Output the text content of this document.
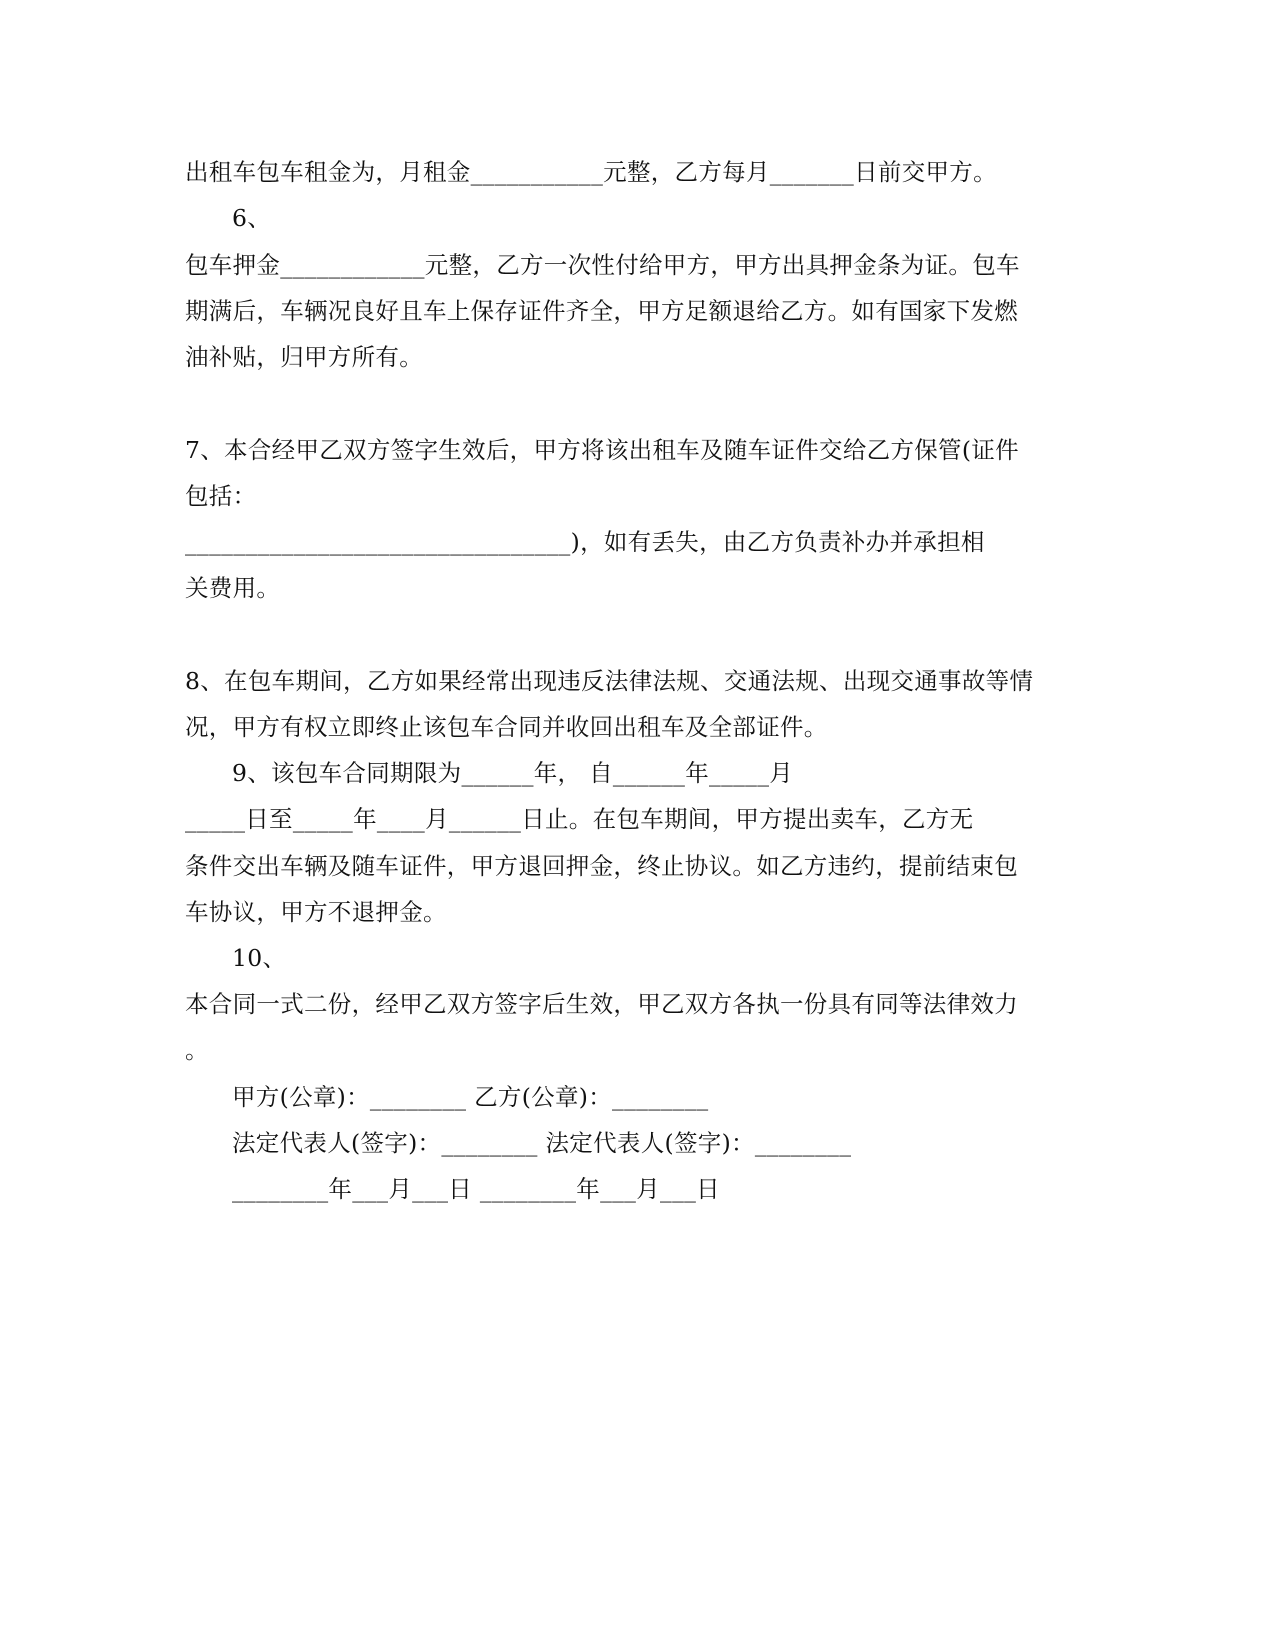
出租车包车租金为，月租金___________元整，乙方每月_______日前交甲方。
6、
包车押金____________元整，乙方一次性付给甲方，甲方出具押金条为证。包车
期满后，车辆况良好且车上保存证件齐全，甲方足额退给乙方。如有国家下发燃
油补贴，归甲方所有。
7、本合经甲乙双方签字生效后，甲方将该出租车及随车证件交给乙方保管(证件
包括：
________________________________)，如有丢失，由乙方负责补办并承担相
关费用。
8、在包车期间，乙方如果经常出现违反法律法规、交通法规、出现交通事故等情
况，甲方有权立即终止该包车合同并收回出租车及全部证件。
9、该包车合同期限为______年， 自______年_____月
_____日至_____年____月______日止。在包车期间，甲方提出卖车，乙方无
条件交出车辆及随车证件，甲方退回押金，终止协议。如乙方违约，提前结束包
车协议，甲方不退押金。
10、
本合同一式二份，经甲乙双方签字后生效，甲乙双方各执一份具有同等法律效力
。
甲方(公章)：________ 乙方(公章)：________
法定代表人(签字)：________ 法定代表人(签字)：________
________年___月___日 ________年___月___日
